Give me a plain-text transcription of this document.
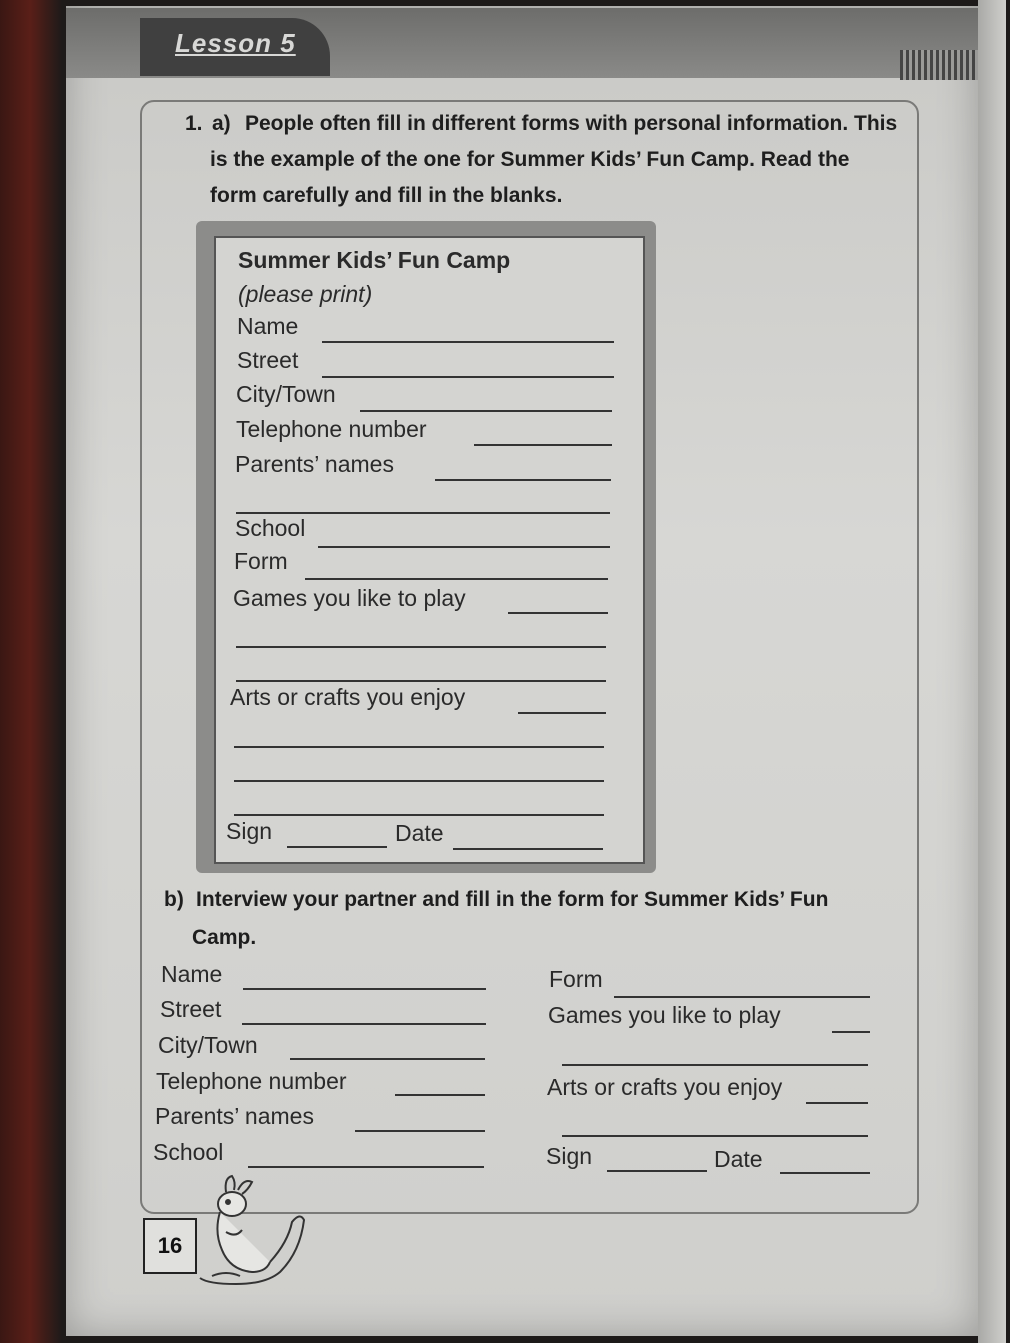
Lesson 5
1. a) People often fill in different forms with personal information. This
is the example of the one for Summer Kids’ Fun Camp. Read the
form carefully and fill in the blanks.
Summer Kids’ Fun Camp
(please print)
Name
Street
City/Town
Telephone number
Parents’ names
School
Form
Games you like to play
Arts or crafts you enjoy
Sign	Date
b) Interview your partner and fill in the form for Summer Kids’ Fun
Camp.
Name
Street
City/Town
Telephone number
Parents’ names
School
Form
Games you like to play
Arts or crafts you enjoy
Sign	Date
16
